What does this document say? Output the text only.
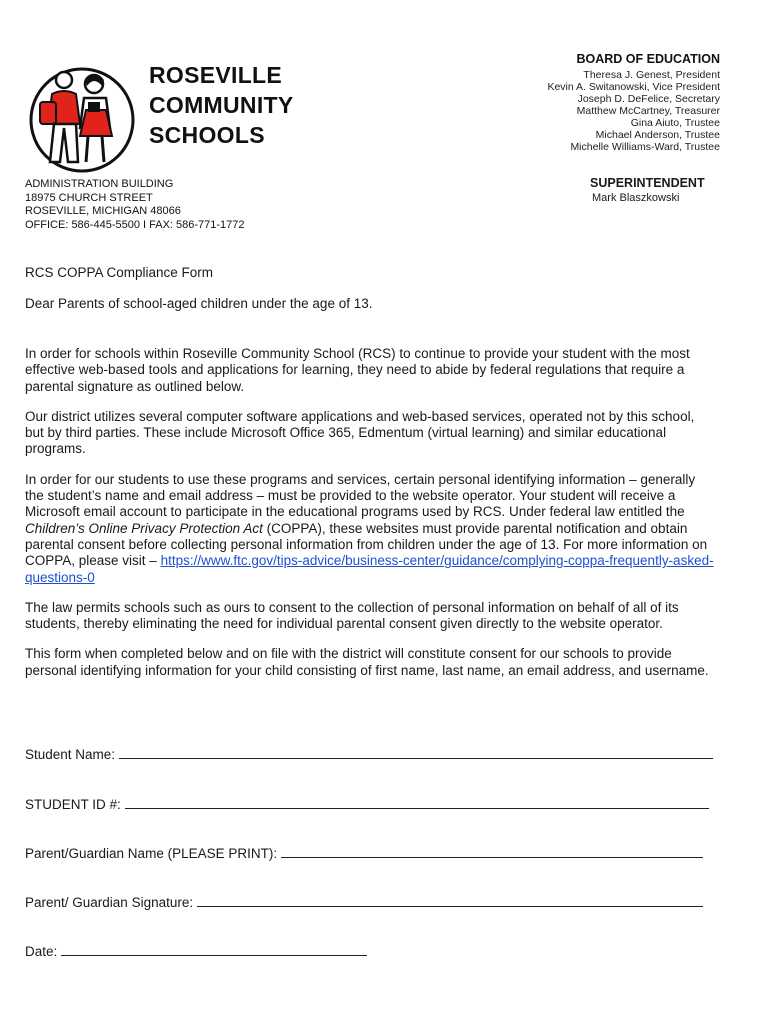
ROSEVILLE
COMMUNITY
SCHOOLS
BOARD OF EDUCATION
Theresa J. Genest, President
Kevin A. Switanowski, Vice President
Joseph D. DeFelice, Secretary
Matthew McCartney, Treasurer
Gina Aiuto, Trustee
Michael Anderson, Trustee
Michelle Williams-Ward, Trustee
ADMINISTRATION BUILDING
18975 CHURCH STREET
ROSEVILLE, MICHIGAN 48066
OFFICE: 586-445-5500 I FAX: 586-771-1772
SUPERINTENDENT
Mark Blaszkowski
RCS COPPA Compliance Form
Dear Parents of school-aged children under the age of 13.

In order for schools within Roseville Community School (RCS) to continue to provide your student with the most effective web-based tools and applications for learning, they need to abide by federal regulations that require a parental signature as outlined below.

Our district utilizes several computer software applications and web-based services, operated not by this school, but by third parties. These include Microsoft Office 365, Edmentum (virtual learning) and similar educational programs.

In order for our students to use these programs and services, certain personal identifying information – generally the student’s name and email address – must be provided to the website operator. Your student will receive a Microsoft email account to participate in the educational programs used by RCS. Under federal law entitled the Children’s Online Privacy Protection Act (COPPA), these websites must provide parental notification and obtain parental consent before collecting personal information from children under the age of 13. For more information on COPPA, please visit – https://www.ftc.gov/tips-advice/business-center/guidance/complying-coppa-frequently-asked-questions-0

The law permits schools such as ours to consent to the collection of personal information on behalf of all of its students, thereby eliminating the need for individual parental consent given directly to the website operator.

This form when completed below and on file with the district will constitute consent for our schools to provide personal identifying information for your child consisting of first name, last name, an email address, and username.

Student Name:
STUDENT ID #:
Parent/Guardian Name (PLEASE PRINT):
Parent/ Guardian Signature:
Date:
